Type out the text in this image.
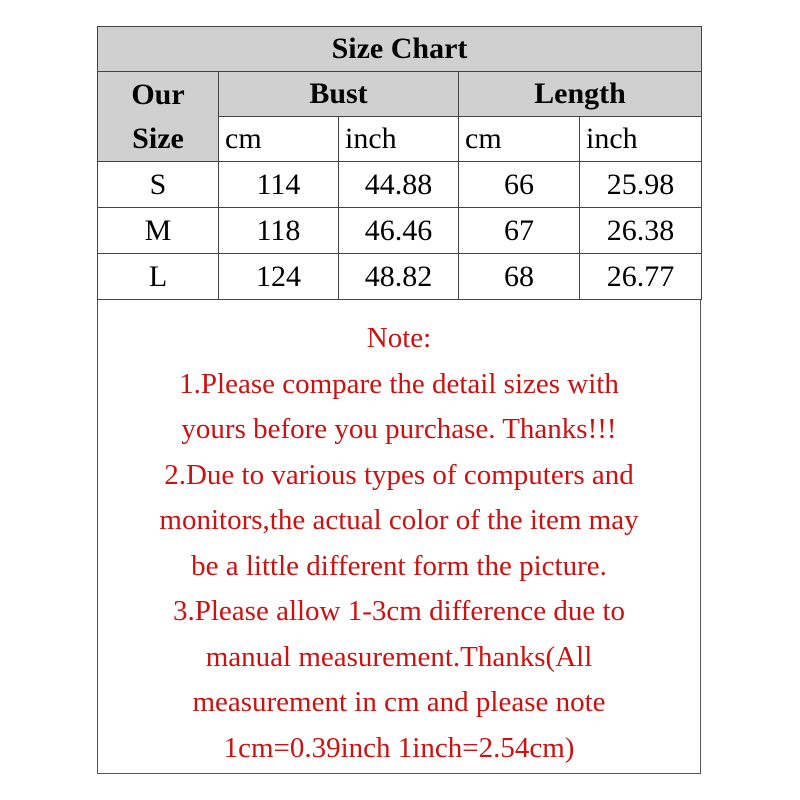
Size Chart				

Our
Size	Bust		Length	
	cm	inch	cm	inch
S	114	44.88	66	25.98
M	118	46.46	67	26.38
L	124	48.82	68	26.77
Note:
1.Please compare the detail sizes with
yours before you purchase. Thanks!!!
2.Due to various types of computers and
monitors,the actual color of the item may
be a little different form the picture.
3.Please allow 1-3cm difference due to
manual measurement.Thanks(All
measurement in cm and please note
1cm=0.39inch 1inch=2.54cm)
